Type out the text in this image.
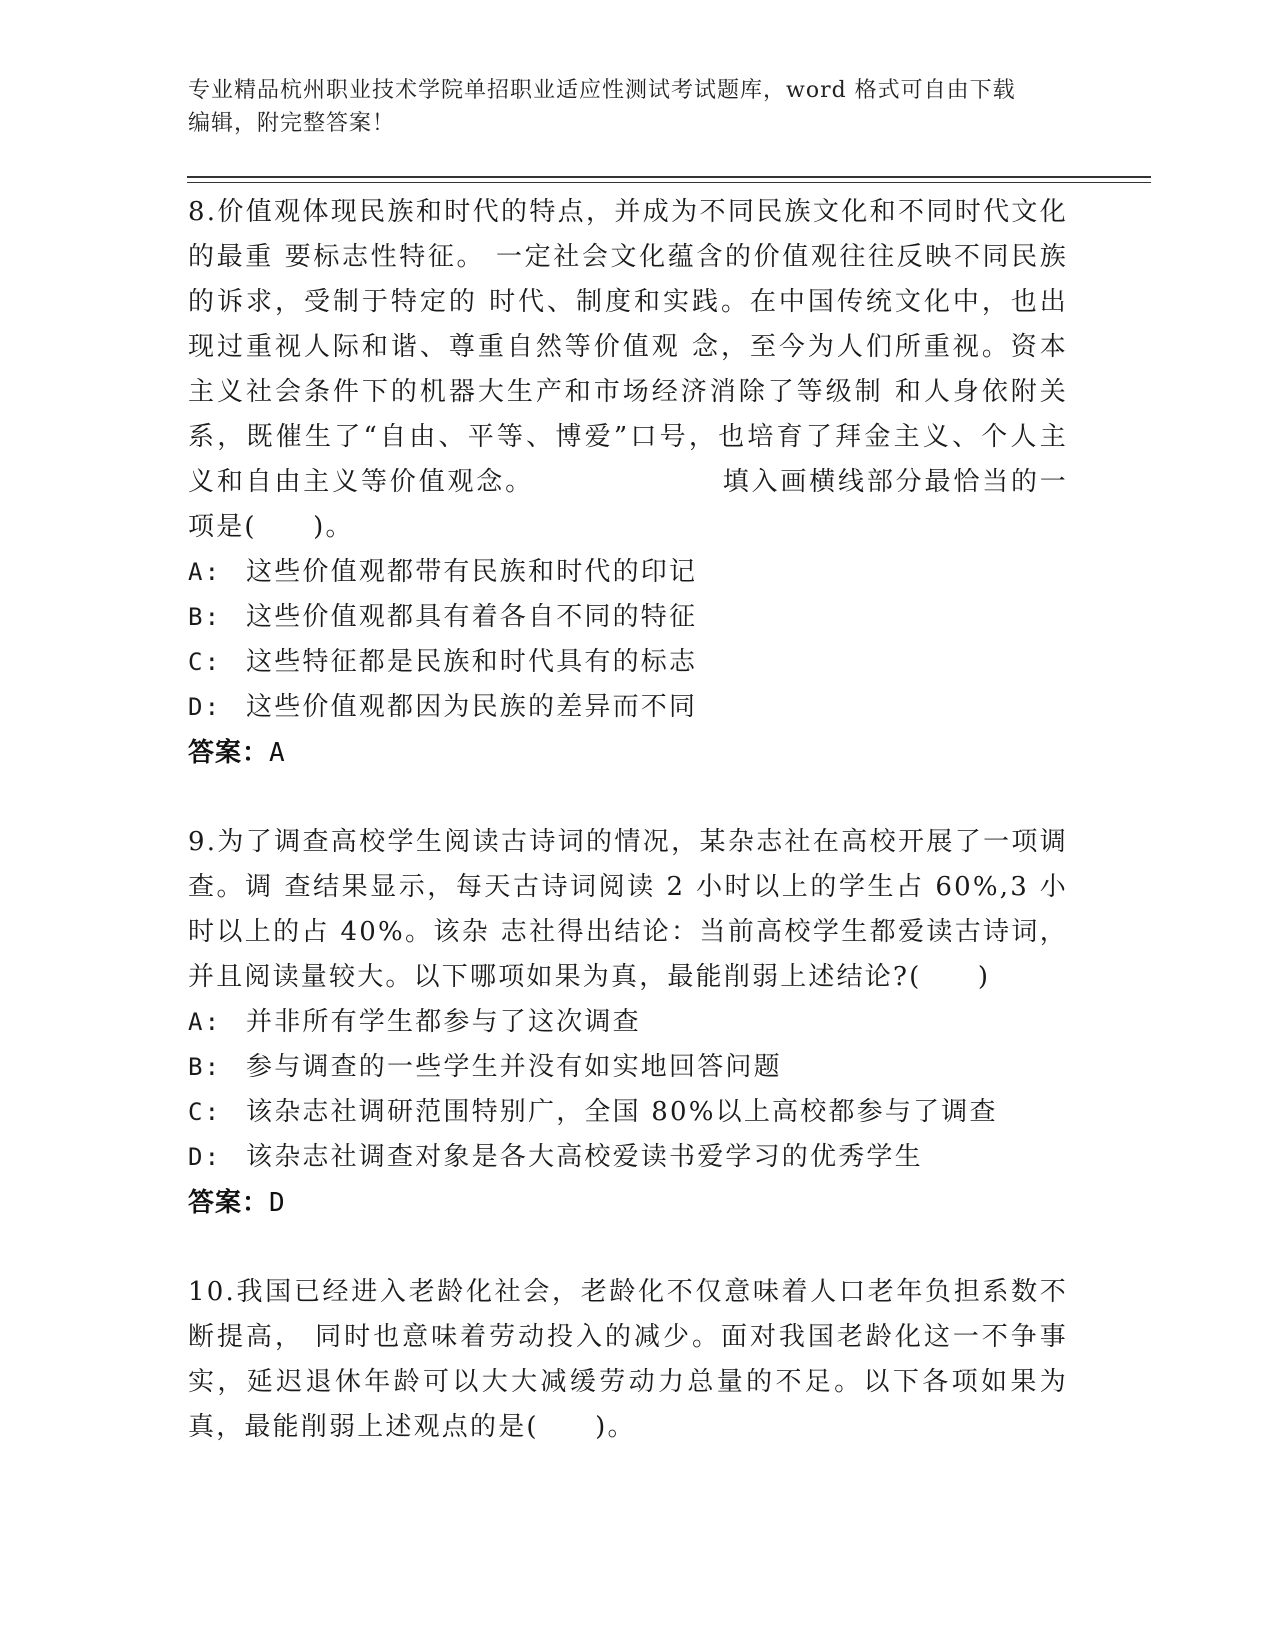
专业精品杭州职业技术学院单招职业适应性测试考试题库，word 格式可自由下载
编辑，附完整答案！

8.价值观体现民族和时代的特点，并成为不同民族文化和不同时代文化的最重 要标志性特征。 一定社会文化蕴含的价值观往往反映不同民族的诉求，受制于特定的 时代、制度和实践。在中国传统文化中，也出现过重视人际和谐、尊重自然等价值观 念，至今为人们所重视。资本主义社会条件下的机器大生产和市场经济消除了等级制 和人身依附关系，既催生了“自由、平等、博爱”口号，也培育了拜金主义、个人主 义和自由主义等价值观念。　　　　　　　填入画横线部分最恰当的一项是(　　)。

A: 这些价值观都带有民族和时代的印记
B: 这些价值观都具有着各自不同的特征
C: 这些特征都是民族和时代具有的标志
D: 这些价值观都因为民族的差异而不同
答案：A

9.为了调查高校学生阅读古诗词的情况，某杂志社在高校开展了一项调查。调 查结果显示，每天古诗词阅读 2 小时以上的学生占 60%,3 小时以上的占 40%。该杂 志社得出结论：当前高校学生都爱读古诗词，并且阅读量较大。以下哪项如果为真，最能削弱上述结论?(　　)

A: 并非所有学生都参与了这次调查
B: 参与调查的一些学生并没有如实地回答问题
C: 该杂志社调研范围特别广，全国 80%以上高校都参与了调查
D: 该杂志社调查对象是各大高校爱读书爱学习的优秀学生
答案：D

10.我国已经进入老龄化社会，老龄化不仅意味着人口老年负担系数不断提高， 同时也意味着劳动投入的减少。面对我国老龄化这一不争事实，延迟退休年龄可以大大减缓劳动力总量的不足。以下各项如果为真，最能削弱上述观点的是(　　)。
